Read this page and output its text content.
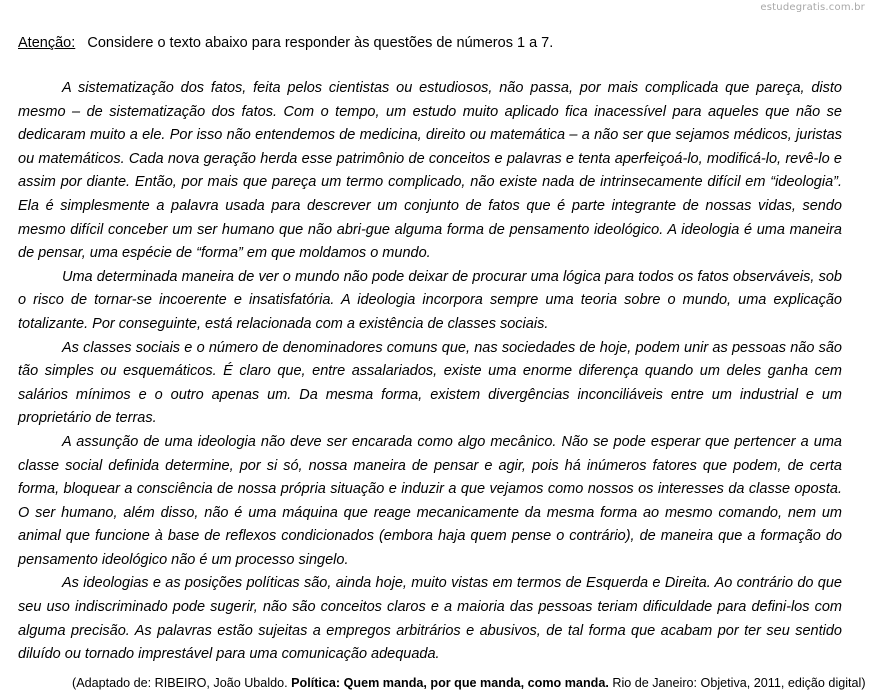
estudegratis.com.br
Atenção: Considere o texto abaixo para responder às questões de números 1 a 7.

A sistematização dos fatos, feita pelos cientistas ou estudiosos, não passa, por mais complicada que pareça, disto mesmo – de sistematização dos fatos. Com o tempo, um estudo muito aplicado fica inacessível para aqueles que não se dedicaram muito a ele. Por isso não entendemos de medicina, direito ou matemática – a não ser que sejamos médicos, juristas ou matemáticos. Cada nova geração herda esse patrimônio de conceitos e palavras e tenta aperfeiçoá-lo, modificá-lo, revê-lo e assim por diante. Então, por mais que pareça um termo complicado, não existe nada de intrinsecamente difícil em “ideologia”. Ela é simplesmente a palavra usada para descrever um conjunto de fatos que é parte integrante de nossas vidas, sendo mesmo difícil conceber um ser humano que não abri-gue alguma forma de pensamento ideológico. A ideologia é uma maneira de pensar, uma espécie de “forma” em que moldamos o mundo.

Uma determinada maneira de ver o mundo não pode deixar de procurar uma lógica para todos os fatos observáveis, sob o risco de tornar-se incoerente e insatisfatória. A ideologia incorpora sempre uma teoria sobre o mundo, uma explicação totalizante. Por conseguinte, está relacionada com a existência de classes sociais.

As classes sociais e o número de denominadores comuns que, nas sociedades de hoje, podem unir as pessoas não são tão simples ou esquemáticos. É claro que, entre assalariados, existe uma enorme diferença quando um deles ganha cem salários mínimos e o outro apenas um. Da mesma forma, existem divergências inconciliáveis entre um industrial e um proprietário de terras.

A assunção de uma ideologia não deve ser encarada como algo mecânico. Não se pode esperar que pertencer a uma classe social definida determine, por si só, nossa maneira de pensar e agir, pois há inúmeros fatores que podem, de certa forma, bloquear a consciência de nossa própria situação e induzir a que vejamos como nossos os interesses da classe oposta. O ser humano, além disso, não é uma máquina que reage mecanicamente da mesma forma ao mesmo comando, nem um animal que funcione à base de reflexos condicionados (embora haja quem pense o contrário), de maneira que a formação do pensamento ideológico não é um processo singelo.

As ideologias e as posições políticas são, ainda hoje, muito vistas em termos de Esquerda e Direita. Ao contrário do que seu uso indiscriminado pode sugerir, não são conceitos claros e a maioria das pessoas teriam dificuldade para defini-los com alguma precisão. As palavras estão sujeitas a empregos arbitrários e abusivos, de tal forma que acabam por ter seu sentido diluído ou tornado imprestável para uma comunicação adequada.

(Adaptado de: RIBEIRO, João Ubaldo. Política: Quem manda, por que manda, como manda. Rio de Janeiro: Objetiva, 2011, edição digital)
